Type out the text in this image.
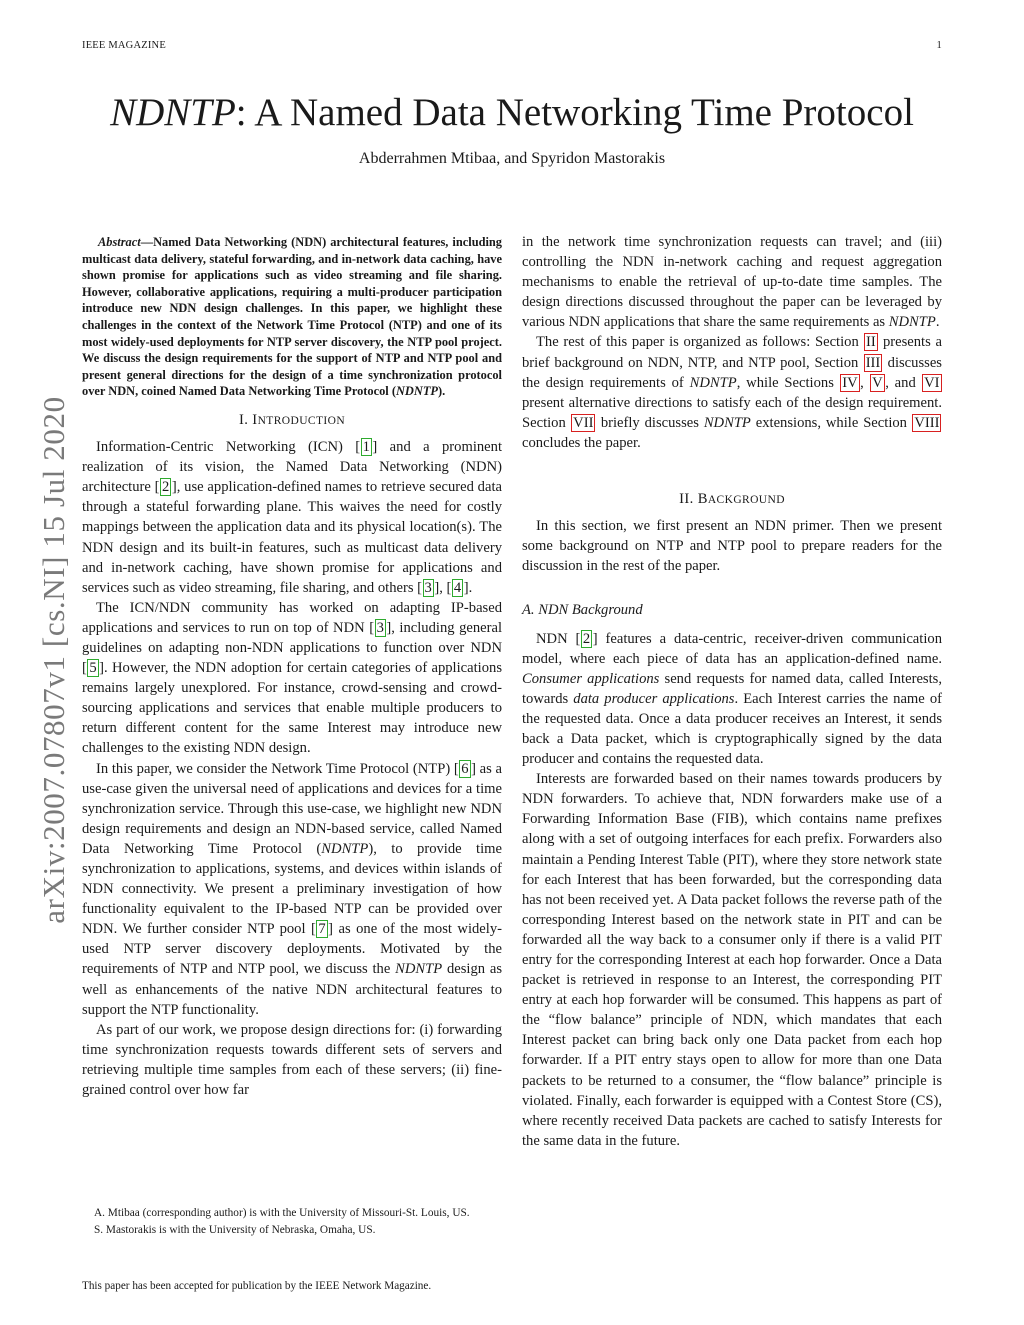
IEEE MAGAZINE	1
NDNTP: A Named Data Networking Time Protocol
Abderrahmen Mtibaa, and Spyridon Mastorakis
arXiv:2007.07807v1 [cs.NI] 15 Jul 2020

Abstract—Named Data Networking (NDN) architectural features, including multicast data delivery, stateful forwarding, and in-network data caching, have shown promise for applications such as video streaming and file sharing. However, collaborative applications, requiring a multi-producer participation introduce new NDN design challenges. In this paper, we highlight these challenges in the context of the Network Time Protocol (NTP) and one of its most widely-used deployments for NTP server discovery, the NTP pool project. We discuss the design requirements for the support of NTP and NTP pool and present general directions for the design of a time synchronization protocol over NDN, coined Named Data Networking Time Protocol (NDNTP).

I. INTRODUCTION

Information-Centric Networking (ICN) [ 1 ] and a prominent realization of its vision, the Named Data Networking (NDN) architecture [ 2 ], use application-defined names to retrieve secured data through a stateful forwarding plane. This waives the need for costly mappings between the application data and its physical location(s). The NDN design and its built-in features, such as multicast data delivery and in-network caching, have shown promise for applications and services such as video streaming, file sharing, and others [ 3 ], [ 4 ].

The ICN/NDN community has worked on adapting IP-based applications and services to run on top of NDN [ 3 ], including general guidelines on adapting non-NDN applications to function over NDN [ 5 ]. However, the NDN adoption for certain categories of applications remains largely unexplored. For instance, crowd-sensing and crowd-sourcing applications and services that enable multiple producers to return different content for the same Interest may introduce new challenges to the existing NDN design.

In this paper, we consider the Network Time Protocol (NTP) [ 6 ] as a use-case given the universal need of applications and devices for a time synchronization service. Through this use-case, we highlight new NDN design requirements and design an NDN-based service, called Named Data Networking Time Protocol (NDNTP), to provide time synchronization to applications, systems, and devices within islands of NDN connectivity. We present a preliminary investigation of how functionality equivalent to the IP-based NTP can be provided over NDN. We further consider NTP pool [ 7 ] as one of the most widely-used NTP server discovery deployments. Motivated by the requirements of NTP and NTP pool, we discuss the NDNTP design as well as enhancements of the native NDN architectural features to support the NTP functionality.

As part of our work, we propose design directions for: (i) forwarding time synchronization requests towards different sets of servers and retrieving multiple time samples from each of these servers; (ii) fine-grained control over how far

A. Mtibaa (corresponding author) is with the University of Missouri-St. Louis, US.

S. Mastorakis is with the University of Nebraska, Omaha, US.

This paper has been accepted for publication by the IEEE Network Magazine.

in the network time synchronization requests can travel; and (iii) controlling the NDN in-network caching and request aggregation mechanisms to enable the retrieval of up-to-date time samples. The design directions discussed throughout the paper can be leveraged by various NDN applications that share the same requirements as NDNTP.

The rest of this paper is organized as follows: Section II presents a brief background on NDN, NTP, and NTP pool, Section III discusses the design requirements of NDNTP, while Sections IV , V , and VI present alternative directions to satisfy each of the design requirement. Section VII briefly discusses NDNTP extensions, while Section VIII concludes the paper.

II. BACKGROUND

In this section, we first present an NDN primer. Then we present some background on NTP and NTP pool to prepare readers for the discussion in the rest of the paper.

A. NDN Background

NDN [ 2 ] features a data-centric, receiver-driven communication model, where each piece of data has an application-defined name. Consumer applications send requests for named data, called Interests, towards data producer applications. Each Interest carries the name of the requested data. Once a data producer receives an Interest, it sends back a Data packet, which is cryptographically signed by the data producer and contains the requested data.

Interests are forwarded based on their names towards producers by NDN forwarders. To achieve that, NDN forwarders make use of a Forwarding Information Base (FIB), which contains name prefixes along with a set of outgoing interfaces for each prefix. Forwarders also maintain a Pending Interest Table (PIT), where they store network state for each Interest that has been forwarded, but the corresponding data has not been received yet. A Data packet follows the reverse path of the corresponding Interest based on the network state in PIT and can be forwarded all the way back to a consumer only if there is a valid PIT entry for the corresponding Interest at each hop forwarder. Once a Data packet is retrieved in response to an Interest, the corresponding PIT entry at each hop forwarder will be consumed. This happens as part of the “flow balance” principle of NDN, which mandates that each Interest packet can bring back only one Data packet from each hop forwarder. If a PIT entry stays open to allow for more than one Data packets to be returned to a consumer, the “flow balance” principle is violated. Finally, each forwarder is equipped with a Contest Store (CS), where recently received Data packets are cached to satisfy Interests for the same data in the future.
